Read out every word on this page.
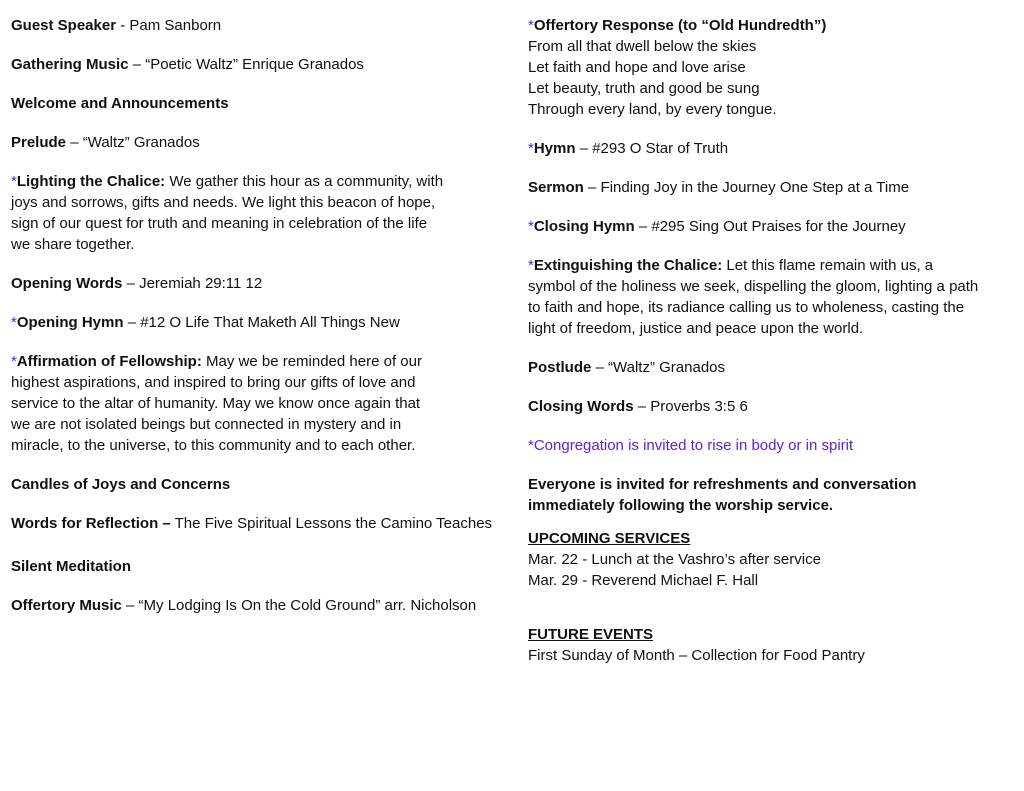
Guest Speaker - Pam Sanborn

Gathering Music – “Poetic Waltz” Enrique Granados

Welcome and Announcements

Prelude – “Waltz” Granados

*Lighting the Chalice: We gather this hour as a community, with

joys and sorrows, gifts and needs. We light this beacon of hope,

sign of our quest for truth and meaning in celebration of the life

we share together.

Opening Words – Jeremiah 29:11 12

*Opening Hymn – #12 O Life That Maketh All Things New

*Affirmation of Fellowship: May we be reminded here of our

highest aspirations, and inspired to bring our gifts of love and

service to the altar of humanity. May we know once again that

we are not isolated beings but connected in mystery and in

miracle, to the universe, to this community and to each other.

Candles of Joys and Concerns

Words for Reflection – The Five Spiritual Lessons the Camino Teaches

Silent Meditation

Offertory Music – “My Lodging Is On the Cold Ground” arr. Nicholson

*Offertory Response (to “Old Hundredth”)

From all that dwell below the skies

Let faith and hope and love arise

Let beauty, truth and good be sung

Through every land, by every tongue.

*Hymn – #293 O Star of Truth

Sermon – Finding Joy in the Journey One Step at a Time

*Closing Hymn – #295 Sing Out Praises for the Journey

*Extinguishing the Chalice: Let this flame remain with us, a

symbol of the holiness we seek, dispelling the gloom, lighting a path

to faith and hope, its radiance calling us to wholeness, casting the

light of freedom, justice and peace upon the world.

Postlude – “Waltz” Granados

Closing Words – Proverbs 3:5 6

*Congregation is invited to rise in body or in spirit

Everyone is invited for refreshments and conversation

immediately following the worship service.

UPCOMING SERVICES

Mar. 22 - Lunch at the Vashro’s after service

Mar. 29 - Reverend Michael F. Hall

FUTURE EVENTS

First Sunday of Month – Collection for Food Pantry
